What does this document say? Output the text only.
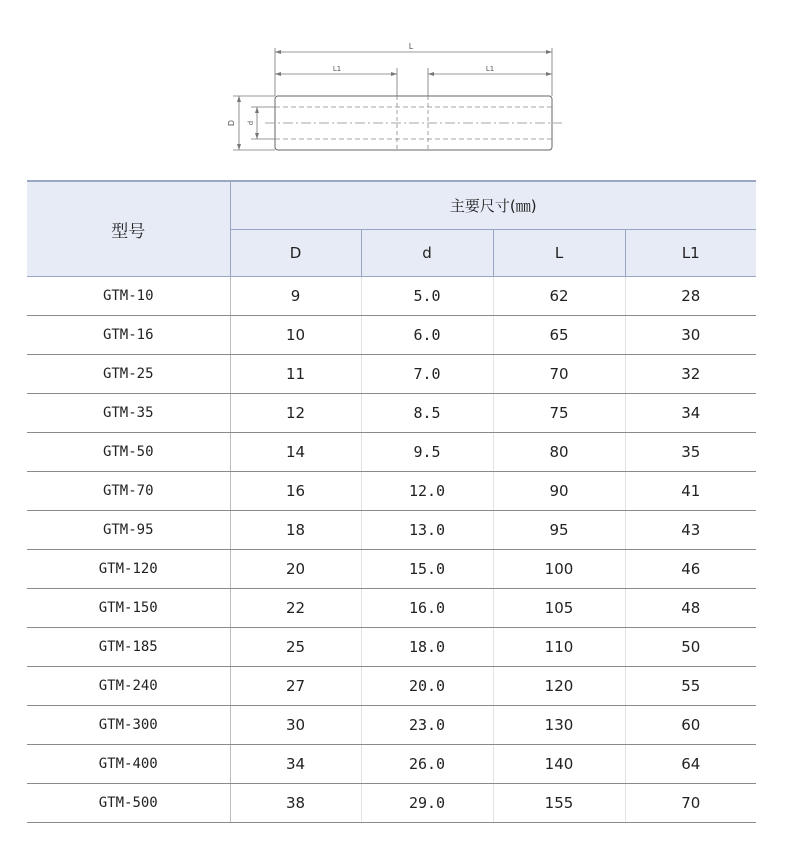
L
L1	L1
D d
型号	主要尺寸(㎜)			
	D	d	L	L1
GTM-10	9	5.0	62	28
GTM-16	10	6.0	65	30
GTM-25	11	7.0	70	32
GTM-35	12	8.5	75	34
GTM-50	14	9.5	80	35
GTM-70	16	12.0	90	41
GTM-95	18	13.0	95	43
GTM-120	20	15.0	100	46
GTM-150	22	16.0	105	48
GTM-185	25	18.0	110	50
GTM-240	27	20.0	120	55
GTM-300	30	23.0	130	60
GTM-400	34	26.0	140	64
GTM-500	38	29.0	155	70
